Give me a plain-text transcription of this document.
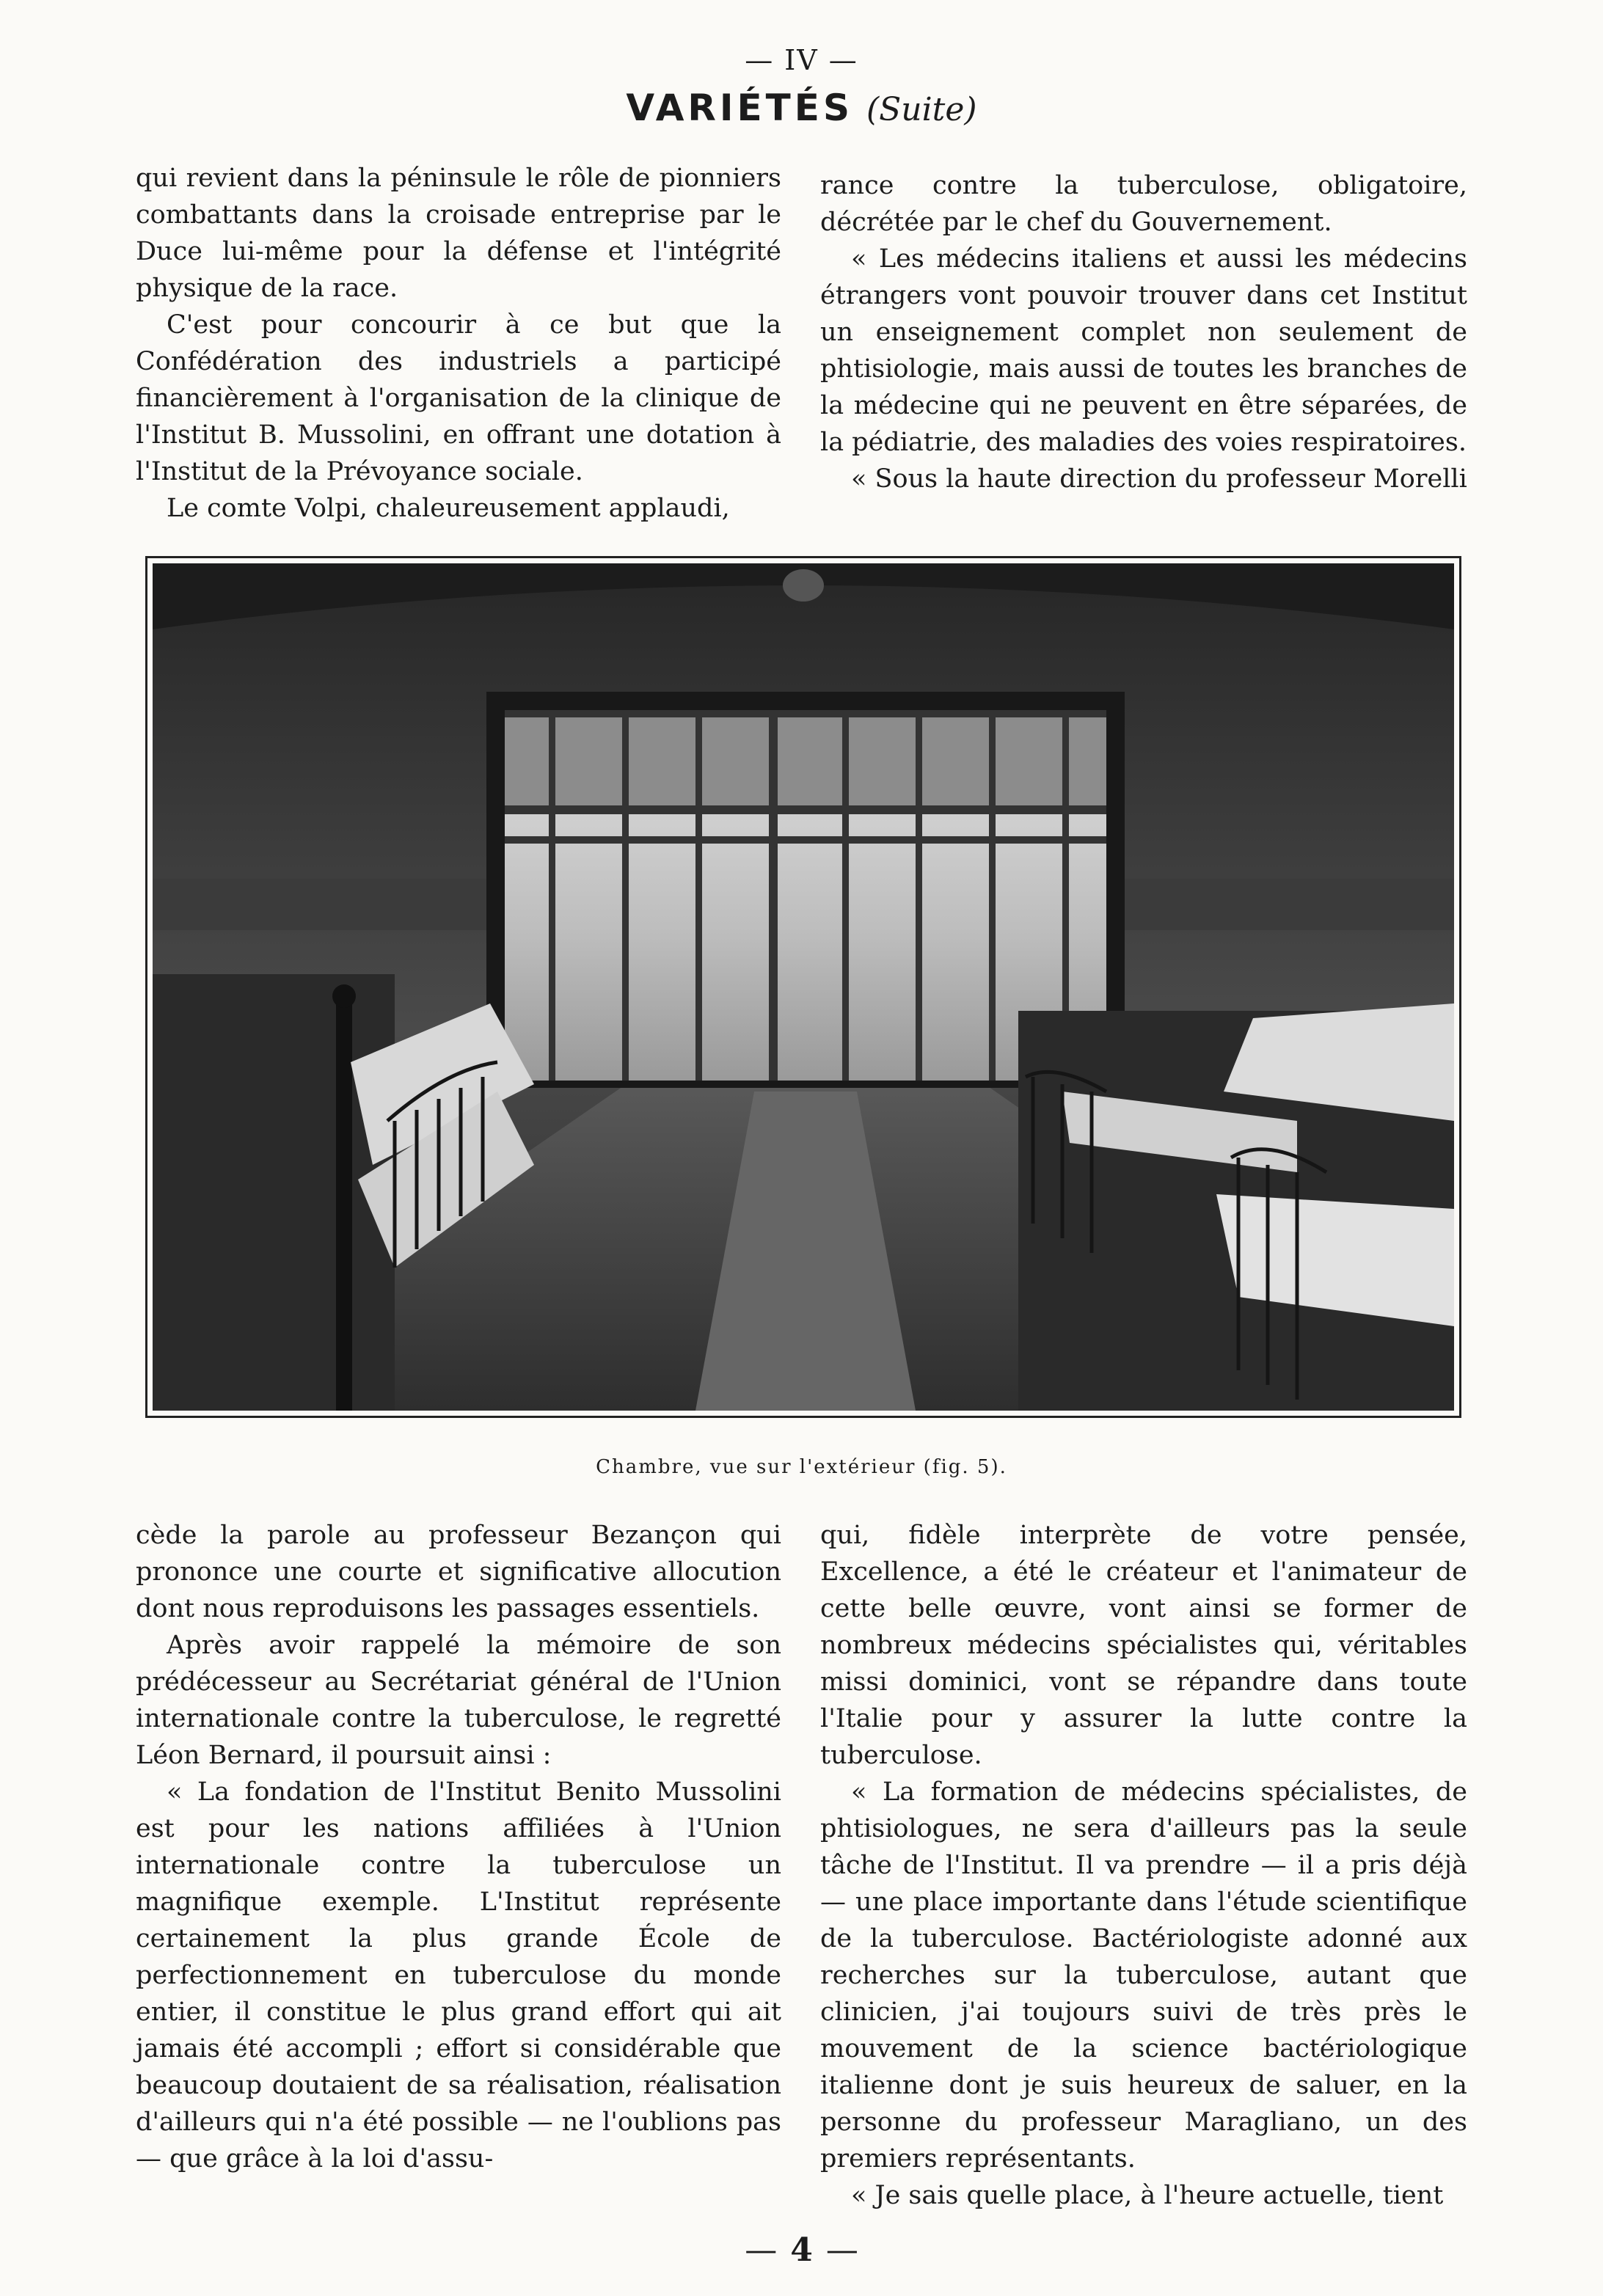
— IV —
VARIÉTÉS (Suite)

qui revient dans la péninsule le rôle de pionniers combattants dans la croisade entreprise par le Duce lui-même pour la défense et l'intégrité physique de la race.

C'est pour concourir à ce but que la Confédération des industriels a participé financièrement à l'organisation de la clinique de l'Institut B. Mussolini, en offrant une dotation à l'Institut de la Prévoyance sociale.

Le comte Volpi, chaleureusement applaudi,

rance contre la tuberculose, obligatoire, décrétée par le chef du Gouvernement.

« Les médecins italiens et aussi les médecins étrangers vont pouvoir trouver dans cet Institut un enseignement complet non seulement de phtisiologie, mais aussi de toutes les branches de la médecine qui ne peuvent en être séparées, de la pédiatrie, des maladies des voies respiratoires.

« Sous la haute direction du professeur Morelli

Chambre, vue sur l'extérieur (fig. 5).

cède la parole au professeur Bezançon qui prononce une courte et significative allocution dont nous reproduisons les passages essentiels.

Après avoir rappelé la mémoire de son prédécesseur au Secrétariat général de l'Union internationale contre la tuberculose, le regretté Léon Bernard, il poursuit ainsi :

« La fondation de l'Institut Benito Mussolini est pour les nations affiliées à l'Union internationale contre la tuberculose un magnifique exemple. L'Institut représente certainement la plus grande École de perfectionnement en tuberculose du monde entier, il constitue le plus grand effort qui ait jamais été accompli ; effort si considérable que beaucoup doutaient de sa réalisation, réalisation d'ailleurs qui n'a été possible — ne l'oublions pas — que grâce à la loi d'assu-

qui, fidèle interprète de votre pensée, Excellence, a été le créateur et l'animateur de cette belle œuvre, vont ainsi se former de nombreux médecins spécialistes qui, véritables missi dominici, vont se répandre dans toute l'Italie pour y assurer la lutte contre la tuberculose.

« La formation de médecins spécialistes, de phtisiologues, ne sera d'ailleurs pas la seule tâche de l'Institut. Il va prendre — il a pris déjà — une place importante dans l'étude scientifique de la tuberculose. Bactériologiste adonné aux recherches sur la tuberculose, autant que clinicien, j'ai toujours suivi de très près le mouvement de la science bactériologique italienne dont je suis heureux de saluer, en la personne du professeur Maragliano, un des premiers représentants.

« Je sais quelle place, à l'heure actuelle, tient

— 4 —
